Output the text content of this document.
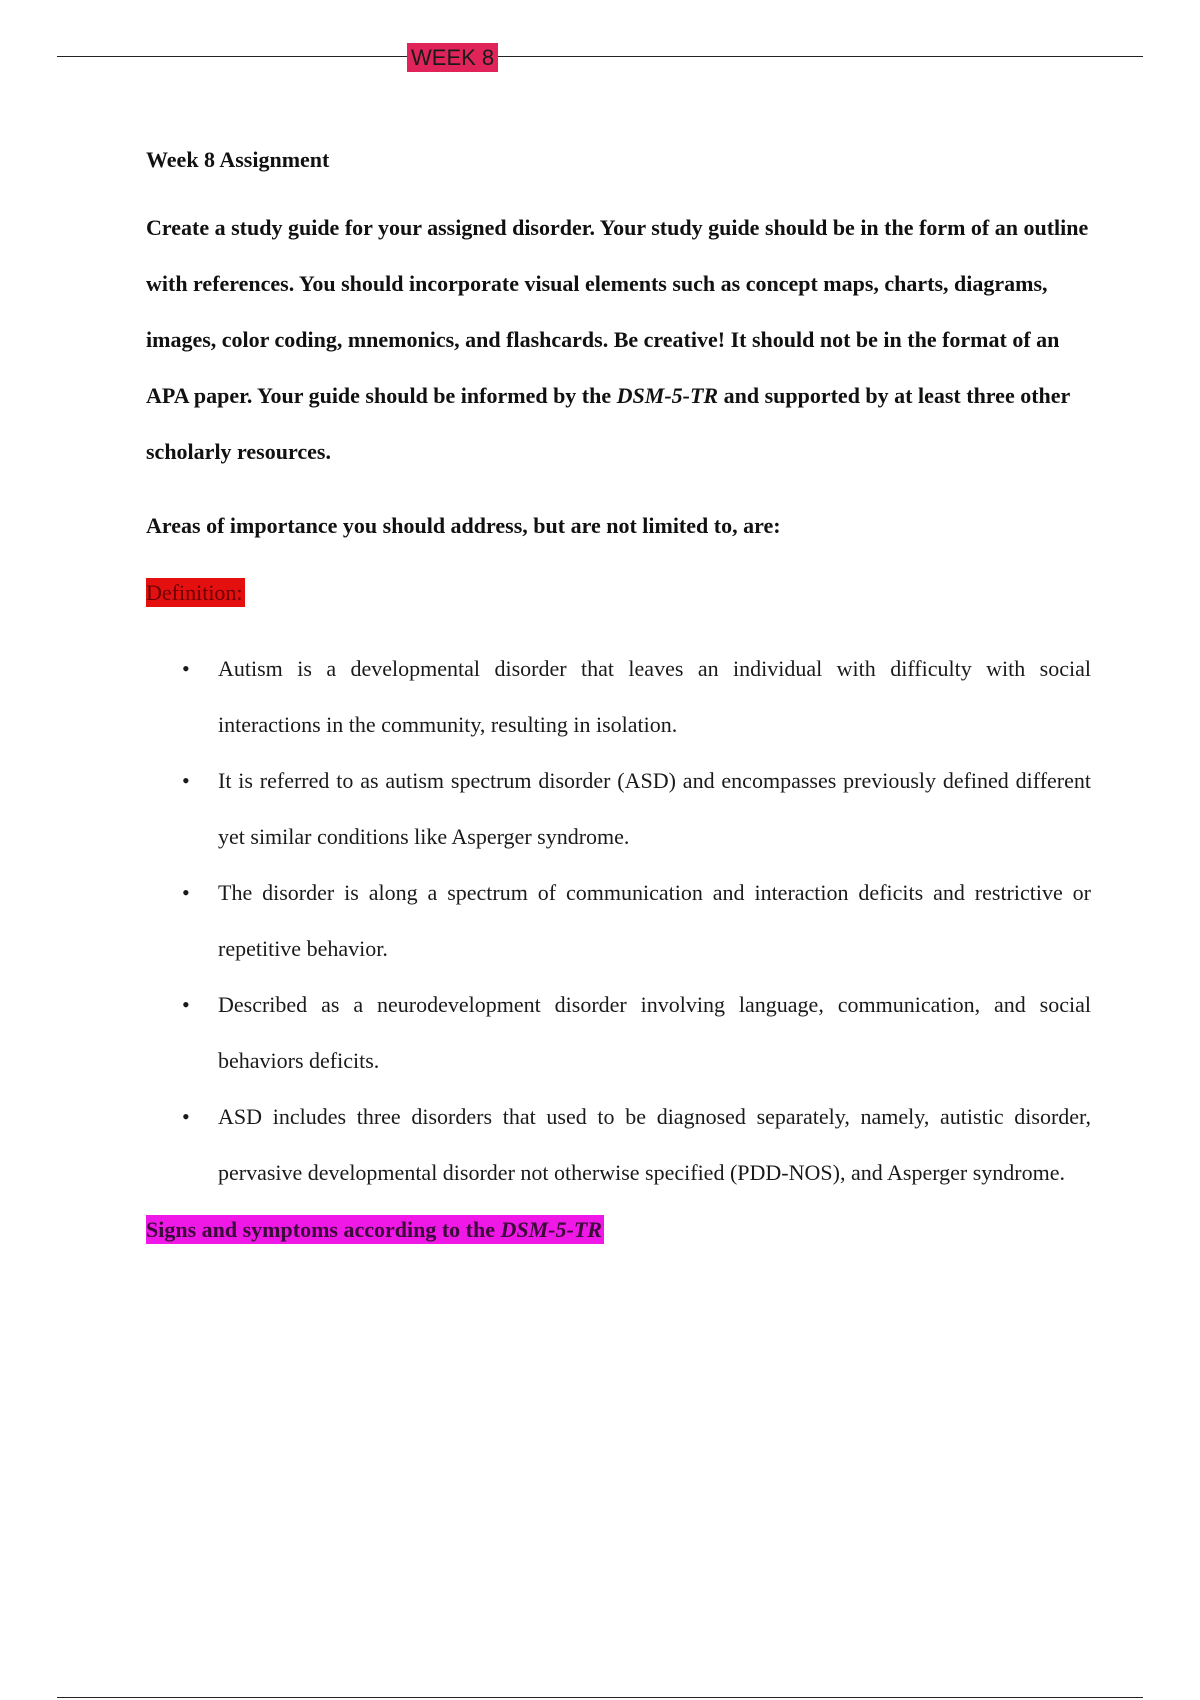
WEEK 8

Week 8 Assignment

Create a study guide for your assigned disorder. Your study guide should be in the form of an outline with references. You should incorporate visual elements such as concept maps, charts, diagrams, images, color coding, mnemonics, and flashcards. Be creative! It should not be in the format of an APA paper. Your guide should be informed by the DSM-5-TR and supported by at least three other scholarly resources.

Areas of importance you should address, but are not limited to, are:

Definition:
• Autism is a developmental disorder that leaves an individual with difficulty with social interactions in the community, resulting in isolation.
• It is referred to as autism spectrum disorder (ASD) and encompasses previously defined different yet similar conditions like Asperger syndrome.
• The disorder is along a spectrum of communication and interaction deficits and restrictive or repetitive behavior.
• Described as a neurodevelopment disorder involving language, communication, and social behaviors deficits.
• ASD includes three disorders that used to be diagnosed separately, namely, autistic disorder, pervasive developmental disorder not otherwise specified (PDD-NOS), and Asperger syndrome.
Signs and symptoms according to the DSM-5-TR
